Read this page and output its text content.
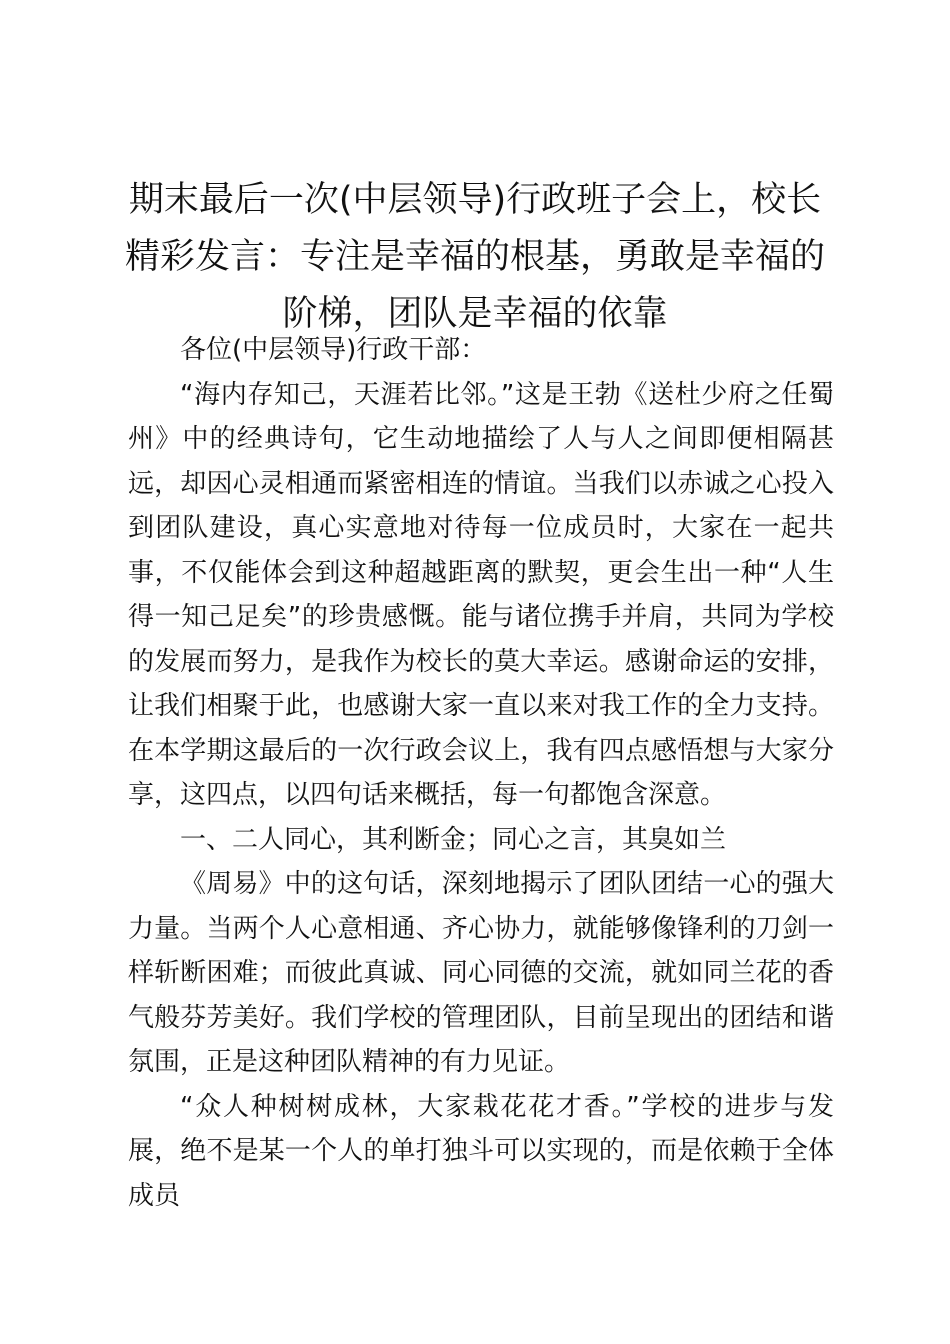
期末最后一次(中层领导)行政班子会上，校长精彩发言：专注是幸福的根基，勇敢是幸福的阶梯，团队是幸福的依靠

各位(中层领导)行政干部：

“海内存知己，天涯若比邻。”这是王勃《送杜少府之任蜀州》中的经典诗句，它生动地描绘了人与人之间即便相隔甚远，却因心灵相通而紧密相连的情谊。当我们以赤诚之心投入到团队建设，真心实意地对待每一位成员时，大家在一起共事，不仅能体会到这种超越距离的默契，更会生出一种“人生得一知己足矣”的珍贵感慨。能与诸位携手并肩，共同为学校的发展而努力，是我作为校长的莫大幸运。感谢命运的安排，让我们相聚于此，也感谢大家一直以来对我工作的全力支持。在本学期这最后的一次行政会议上，我有四点感悟想与大家分享，这四点，以四句话来概括，每一句都饱含深意。

一、二人同心，其利断金；同心之言，其臭如兰

《周易》中的这句话，深刻地揭示了团队团结一心的强大力量。当两个人心意相通、齐心协力，就能够像锋利的刀剑一样斩断困难；而彼此真诚、同心同德的交流，就如同兰花的香气般芬芳美好。我们学校的管理团队，目前呈现出的团结和谐氛围，正是这种团队精神的有力见证。

“众人种树树成林，大家栽花花才香。”学校的进步与发展，绝不是某一个人的单打独斗可以实现的，而是依赖于全体成员
